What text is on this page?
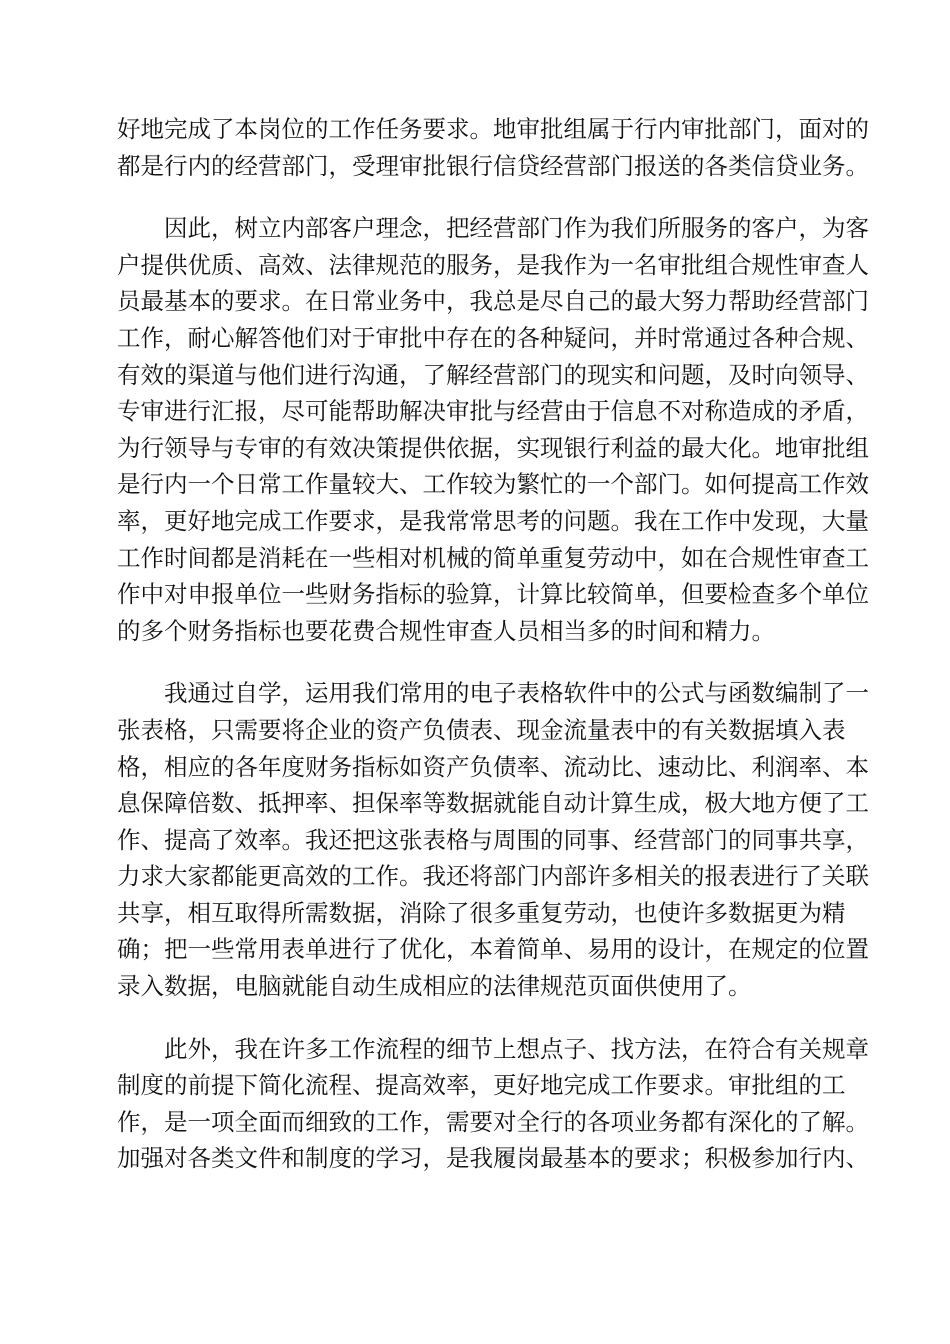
好地完成了本岗位的工作任务要求。地审批组属于行内审批部门，面对的
都是行内的经营部门，受理审批银行信贷经营部门报送的各类信贷业务。
　　因此，树立内部客户理念，把经营部门作为我们所服务的客户，为客
户提供优质、高效、法律规范的服务，是我作为一名审批组合规性审查人
员最基本的要求。在日常业务中，我总是尽自己的最大努力帮助经营部门
工作，耐心解答他们对于审批中存在的各种疑问，并时常通过各种合规、
有效的渠道与他们进行沟通，了解经营部门的现实和问题，及时向领导、
专审进行汇报，尽可能帮助解决审批与经营由于信息不对称造成的矛盾，
为行领导与专审的有效决策提供依据，实现银行利益的最大化。地审批组
是行内一个日常工作量较大、工作较为繁忙的一个部门。如何提高工作效
率，更好地完成工作要求，是我常常思考的问题。我在工作中发现，大量
工作时间都是消耗在一些相对机械的简单重复劳动中，如在合规性审查工
作中对申报单位一些财务指标的验算，计算比较简单，但要检查多个单位
的多个财务指标也要花费合规性审查人员相当多的时间和精力。
　　我通过自学，运用我们常用的电子表格软件中的公式与函数编制了一
张表格，只需要将企业的资产负债表、现金流量表中的有关数据填入表
格，相应的各年度财务指标如资产负债率、流动比、速动比、利润率、本
息保障倍数、抵押率、担保率等数据就能自动计算生成，极大地方便了工
作、提高了效率。我还把这张表格与周围的同事、经营部门的同事共享，
力求大家都能更高效的工作。我还将部门内部许多相关的报表进行了关联
共享，相互取得所需数据，消除了很多重复劳动，也使许多数据更为精
确；把一些常用表单进行了优化，本着简单、易用的设计，在规定的位置
录入数据，电脑就能自动生成相应的法律规范页面供使用了。
　　此外，我在许多工作流程的细节上想点子、找方法，在符合有关规章
制度的前提下简化流程、提高效率，更好地完成工作要求。审批组的工
作，是一项全面而细致的工作，需要对全行的各项业务都有深化的了解。
加强对各类文件和制度的学习，是我履岗最基本的要求；积极参加行内、
